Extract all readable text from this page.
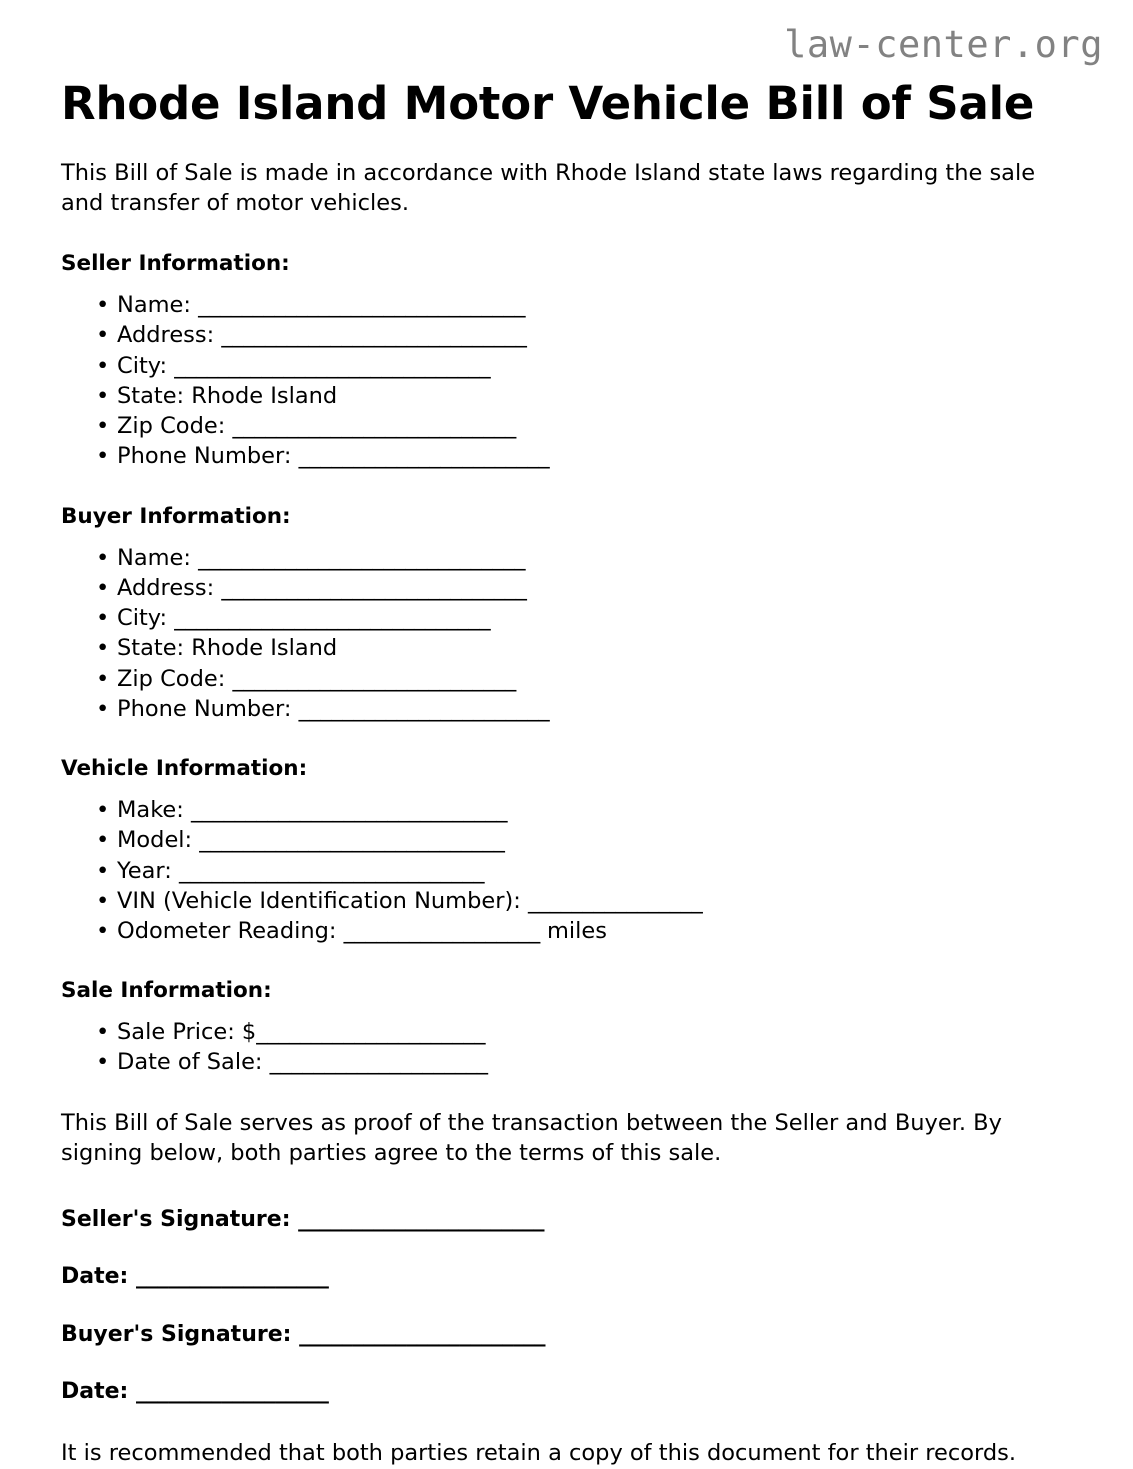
law-center.org
Rhode Island Motor Vehicle Bill of Sale

This Bill of Sale is made in accordance with Rhode Island state laws regarding the sale and transfer of motor vehicles.

Seller Information:
• Name: ______________________________
• Address: ____________________________
• City: _____________________________
• State: Rhode Island
• Zip Code: __________________________
• Phone Number: _______________________
Buyer Information:
• Name: ______________________________
• Address: ____________________________
• City: _____________________________
• State: Rhode Island
• Zip Code: __________________________
• Phone Number: _______________________
Vehicle Information:
• Make: _____________________________
• Model: ____________________________
• Year: ____________________________
• VIN (Vehicle Identification Number): ________________
• Odometer Reading: __________________ miles
Sale Information:
• Sale Price: $_____________________
• Date of Sale: ____________________

This Bill of Sale serves as proof of the transaction between the Seller and Buyer. By signing below, both parties agree to the terms of this sale.

Seller's Signature: _______________________

Date: __________________

Buyer's Signature: _______________________

Date: __________________

It is recommended that both parties retain a copy of this document for their records.
